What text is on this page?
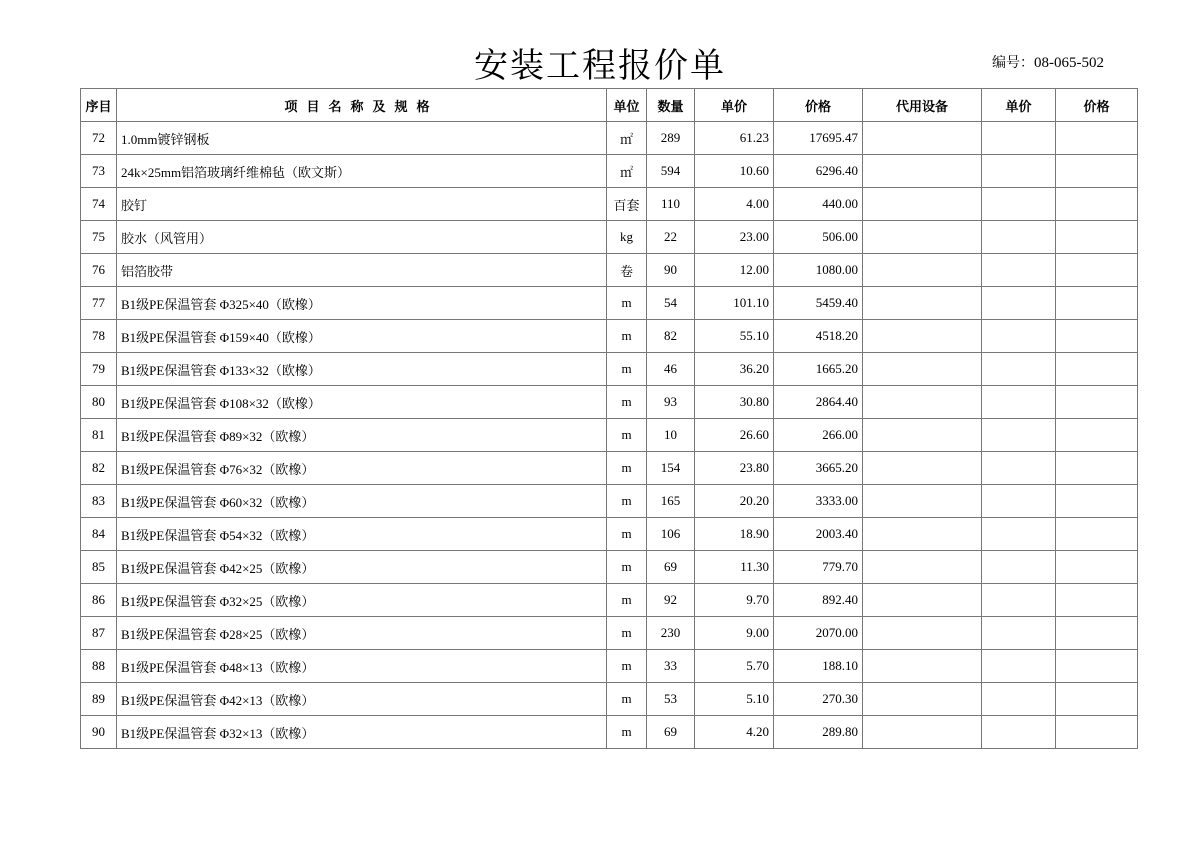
安装工程报价单	编号：08-065-502
序目	项目名称及规格	单位	数量	单价	价格	代用设备	单价	价格
72	1.0mm镀锌钢板	㎡	289	61.23	17695.47			
73	24k×25mm铝箔玻璃纤维棉毡（欧文斯）	㎡	594	10.60	6296.40			
74	胶钉	百套	110	4.00	440.00			
75	胶水（风管用）	kg	22	23.00	506.00			
76	铝箔胶带	卷	90	12.00	1080.00			
77	B1级PE保温管套 Φ325×40（欧橡）	m	54	101.10	5459.40			
78	B1级PE保温管套 Φ159×40（欧橡）	m	82	55.10	4518.20			
79	B1级PE保温管套 Φ133×32（欧橡）	m	46	36.20	1665.20			
80	B1级PE保温管套 Φ108×32（欧橡）	m	93	30.80	2864.40			
81	B1级PE保温管套 Φ89×32（欧橡）	m	10	26.60	266.00			
82	B1级PE保温管套 Φ76×32（欧橡）	m	154	23.80	3665.20			
83	B1级PE保温管套 Φ60×32（欧橡）	m	165	20.20	3333.00			
84	B1级PE保温管套 Φ54×32（欧橡）	m	106	18.90	2003.40			
85	B1级PE保温管套 Φ42×25（欧橡）	m	69	11.30	779.70			
86	B1级PE保温管套 Φ32×25（欧橡）	m	92	9.70	892.40			
87	B1级PE保温管套 Φ28×25（欧橡）	m	230	9.00	2070.00			
88	B1级PE保温管套 Φ48×13（欧橡）	m	33	5.70	188.10			
89	B1级PE保温管套 Φ42×13（欧橡）	m	53	5.10	270.30			
90	B1级PE保温管套 Φ32×13（欧橡）	m	69	4.20	289.80			
